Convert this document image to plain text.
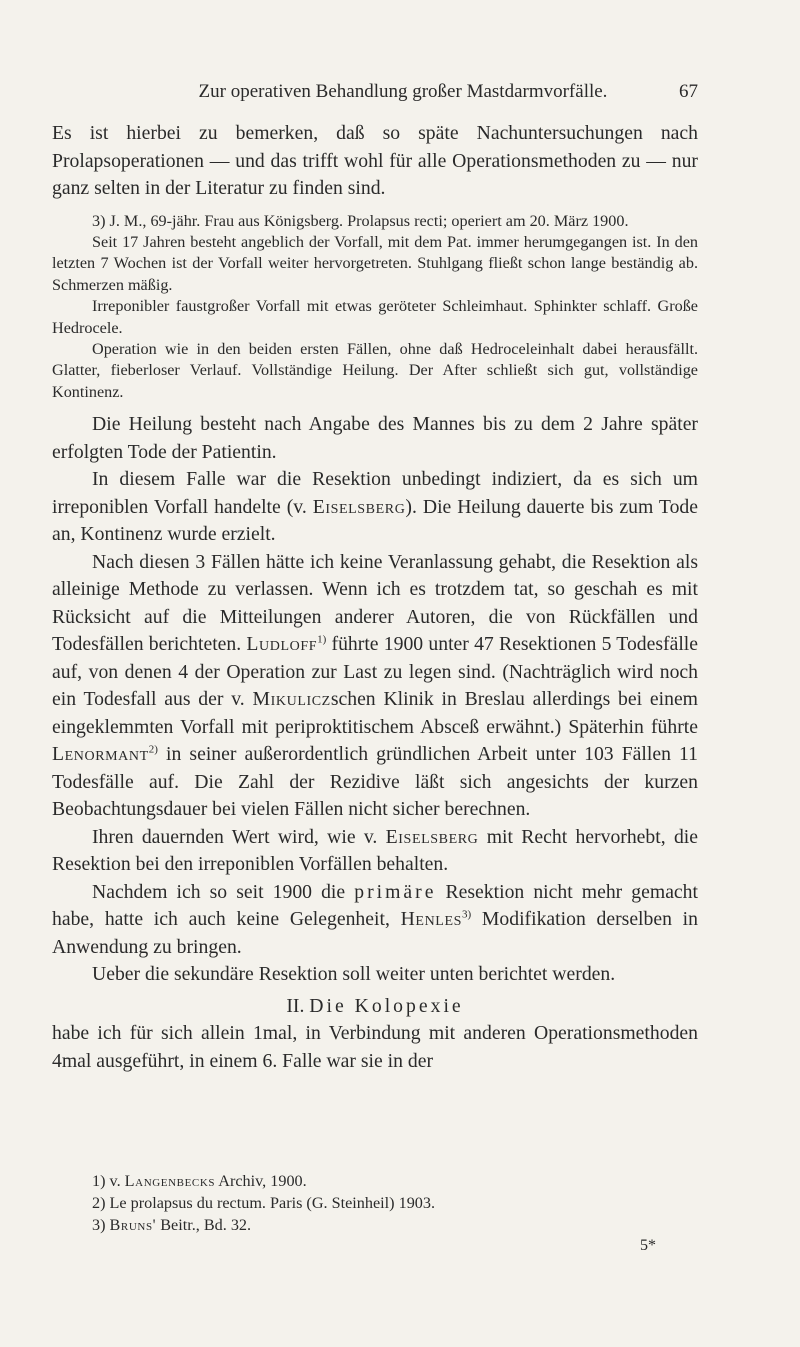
Zur operativen Behandlung großer Mastdarmvorfälle.	67

Es ist hierbei zu bemerken, daß so späte Nachuntersuchungen nach Prolapsoperationen — und das trifft wohl für alle Operationsmethoden zu — nur ganz selten in der Literatur zu finden sind.

3) J. M., 69-jähr. Frau aus Königsberg. Prolapsus recti; operiert am 20. März 1900.

Seit 17 Jahren besteht angeblich der Vorfall, mit dem Pat. immer herumgegangen ist. In den letzten 7 Wochen ist der Vorfall weiter hervorgetreten. Stuhlgang fließt schon lange beständig ab. Schmerzen mäßig.

Irreponibler faustgroßer Vorfall mit etwas geröteter Schleimhaut. Sphinkter schlaff. Große Hedrocele.

Operation wie in den beiden ersten Fällen, ohne daß Hedroceleinhalt dabei herausfällt. Glatter, fieberloser Verlauf. Vollständige Heilung. Der After schließt sich gut, vollständige Kontinenz.

Die Heilung besteht nach Angabe des Mannes bis zu dem 2 Jahre später erfolgten Tode der Patientin.

In diesem Falle war die Resektion unbedingt indiziert, da es sich um irreponiblen Vorfall handelte (v. Eiselsberg). Die Heilung dauerte bis zum Tode an, Kontinenz wurde erzielt.

Nach diesen 3 Fällen hätte ich keine Veranlassung gehabt, die Resektion als alleinige Methode zu verlassen. Wenn ich es trotzdem tat, so geschah es mit Rücksicht auf die Mitteilungen anderer Autoren, die von Rückfällen und Todesfällen berichteten. Ludloff$^{1)}$ führte 1900 unter 47 Resektionen 5 Todesfälle auf, von denen 4 der Operation zur Last zu legen sind. (Nachträglich wird noch ein Todesfall aus der v. Mikuliczschen Klinik in Breslau allerdings bei einem eingeklemmten Vorfall mit periproktitischem Absceß erwähnt.) Späterhin führte Lenormant$^{2)}$ in seiner außerordentlich gründlichen Arbeit unter 103 Fällen 11 Todesfälle auf. Die Zahl der Rezidive läßt sich angesichts der kurzen Beobachtungsdauer bei vielen Fällen nicht sicher berechnen.

Ihren dauernden Wert wird, wie v. Eiselsberg mit Recht hervorhebt, die Resektion bei den irreponiblen Vorfällen behalten.

Nachdem ich so seit 1900 die primäre Resektion nicht mehr gemacht habe, hatte ich auch keine Gelegenheit, Henles$^{3)}$ Modifikation derselben in Anwendung zu bringen.

Ueber die sekundäre Resektion soll weiter unten berichtet werden.

II. Die Kolopexie

habe ich für sich allein 1mal, in Verbindung mit anderen Operationsmethoden 4mal ausgeführt, in einem 6. Falle war sie in der

1) v. Langenbecks Archiv, 1900.
2) Le prolapsus du rectum. Paris (G. Steinheil) 1903.
3) Bruns' Beitr., Bd. 32.
5*
